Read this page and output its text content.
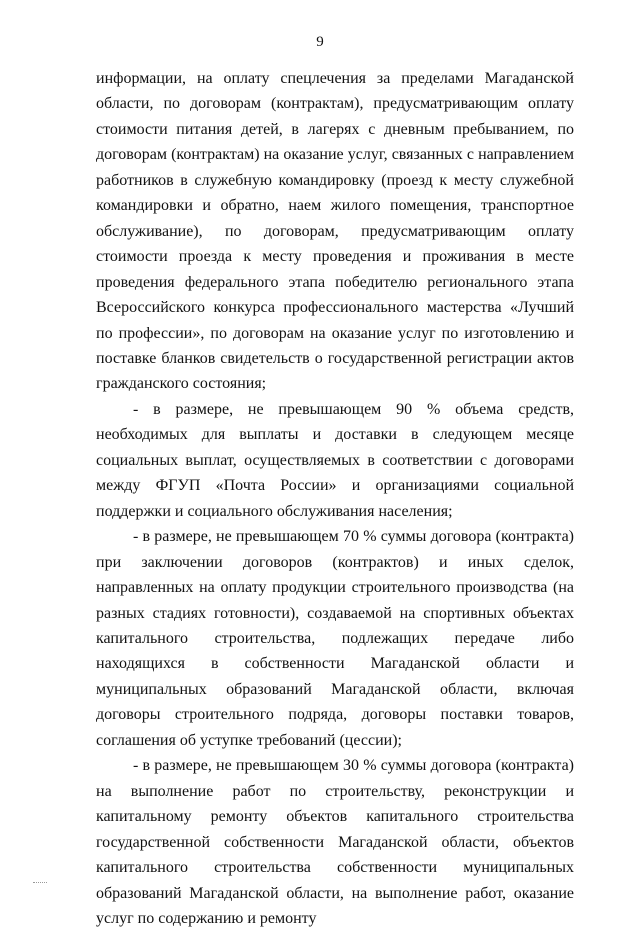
9

информации, на оплату спецлечения за пределами Магаданской области, по договорам (контрактам), предусматривающим оплату стоимости питания детей, в лагерях с дневным пребыванием, по договорам (контрактам) на оказание услуг, связанных с направлением работников в служебную командировку (проезд к месту служебной командировки и обратно, наем жилого помещения, транспортное обслуживание), по договорам, предусматривающим оплату стоимости проезда к месту проведения и проживания в месте проведения федерального этапа победителю регионального этапа Всероссийского конкурса профессионального мастерства «Лучший по профессии», по договорам на оказание услуг по изготовлению и поставке бланков свидетельств о государственной регистрации актов гражданского состояния;

- в размере, не превышающем 90 % объема средств, необходимых для выплаты и доставки в следующем месяце социальных выплат, осуществляемых в соответствии с договорами между ФГУП «Почта России» и организациями социальной поддержки и социального обслуживания населения;

- в размере, не превышающем 70 % суммы договора (контракта) при заключении договоров (контрактов) и иных сделок, направленных на оплату продукции строительного производства (на разных стадиях готовности), создаваемой на спортивных объектах капитального строительства, подлежащих передаче либо находящихся в собственности Магаданской области и муниципальных образований Магаданской области, включая договоры строительного подряда, договоры поставки товаров, соглашения об уступке требований (цессии);

- в размере, не превышающем 30 % суммы договора (контракта) на выполнение работ по строительству, реконструкции и капитальному ремонту объектов капитального строительства государственной собственности Магаданской области, объектов капитального строительства собственности муниципальных образований Магаданской области, на выполнение работ, оказание услуг по содержанию и ремонту
